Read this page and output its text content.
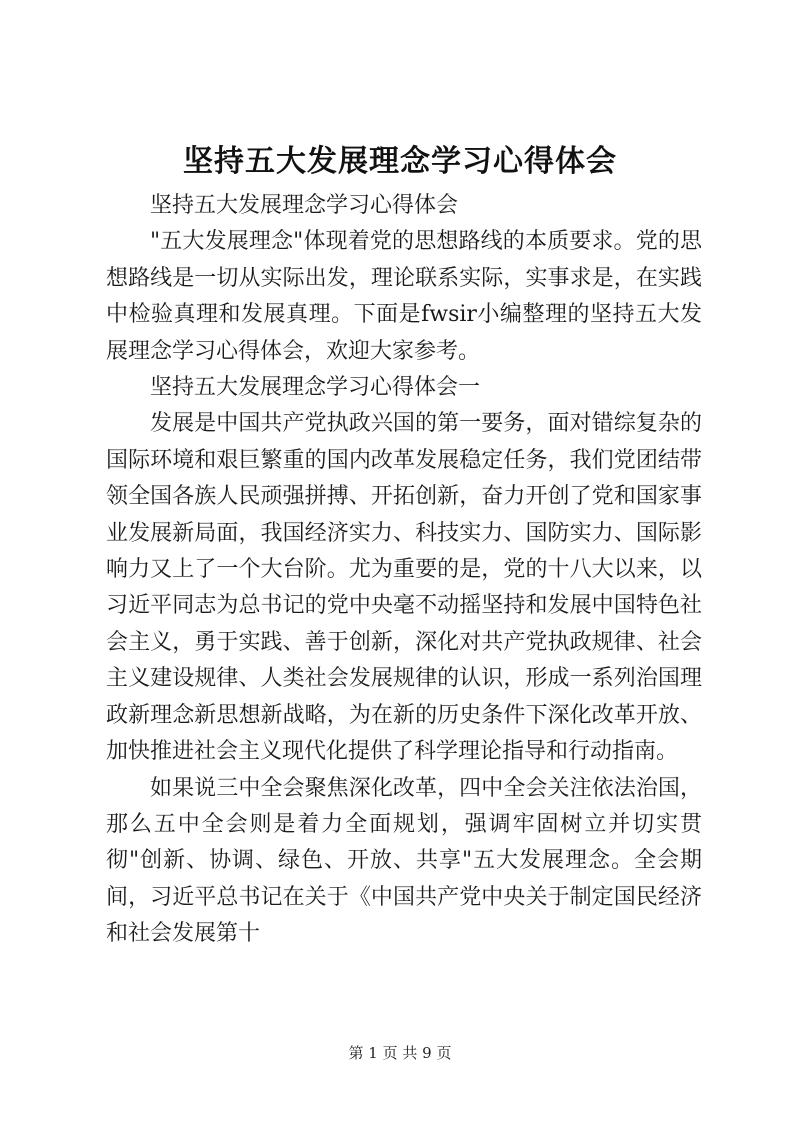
坚持五大发展理念学习心得体会

坚持五大发展理念学习心得体会

"五大发展理念"体现着党的思想路线的本质要求。党的思想路线是一切从实际出发，理论联系实际，实事求是，在实践中检验真理和发展真理。下面是fwsir小编整理的坚持五大发展理念学习心得体会，欢迎大家参考。

坚持五大发展理念学习心得体会一

发展是中国共产党执政兴国的第一要务，面对错综复杂的国际环境和艰巨繁重的国内改革发展稳定任务，我们党团结带领全国各族人民顽强拼搏、开拓创新，奋力开创了党和国家事业发展新局面，我国经济实力、科技实力、国防实力、国际影响力又上了一个大台阶。尤为重要的是，党的十八大以来，以习近平同志为总书记的党中央毫不动摇坚持和发展中国特色社会主义，勇于实践、善于创新，深化对共产党执政规律、社会主义建设规律、人类社会发展规律的认识，形成一系列治国理政新理念新思想新战略，为在新的历史条件下深化改革开放、加快推进社会主义现代化提供了科学理论指导和行动指南。

如果说三中全会聚焦深化改革，四中全会关注依法治国，那么五中全会则是着力全面规划，强调牢固树立并切实贯彻"创新、协调、绿色、开放、共享"五大发展理念。全会期间，习近平总书记在关于《中国共产党中央关于制定国民经济和社会发展第十

第 1 页 共 9 页
